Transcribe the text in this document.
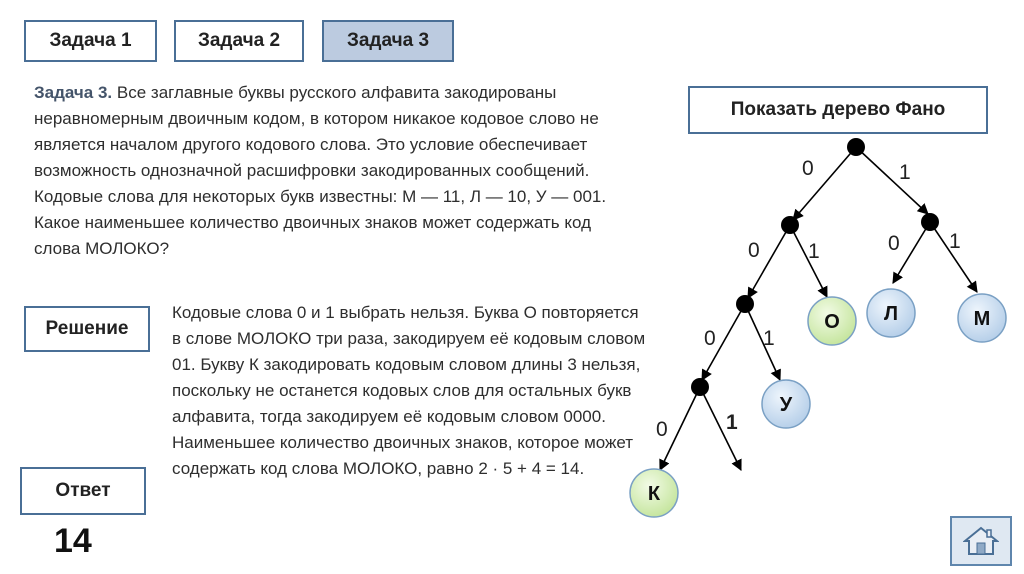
Задача 1	Задача 2	Задача 3

Задача 3. Все заглавные буквы русского алфавита закодированы неравномерным двоичным кодом, в котором никакое кодовое слово не является началом другого кодового слова. Это условие обеспечивает возможность однозначной расшифровки закодированных сообщений. Кодовые слова для некоторых букв известны: М — 11, Л — 10, У — 001. Какое наименьшее количество двоичных знаков может содержать код слова МОЛОКО?

Показать дерево Фано
Решение

Кодовые слова 0 и 1 выбрать нельзя. Буква О повторяется в слове МОЛОКО три раза, закодируем её кодовым словом 01. Букву К закодировать кодовым словом длины 3 нельзя, поскольку не останется кодовых слов для остальных букв алфавита, тогда закодируем её кодовым словом 0000. Наименьшее количество двоичных знаков, которое может содержать код слова МОЛОКО, равно 2 · 5 + 4 = 14.

Ответ
14
0	1
0 1	0 1
0 1
0	1
О Л	М
У
К
